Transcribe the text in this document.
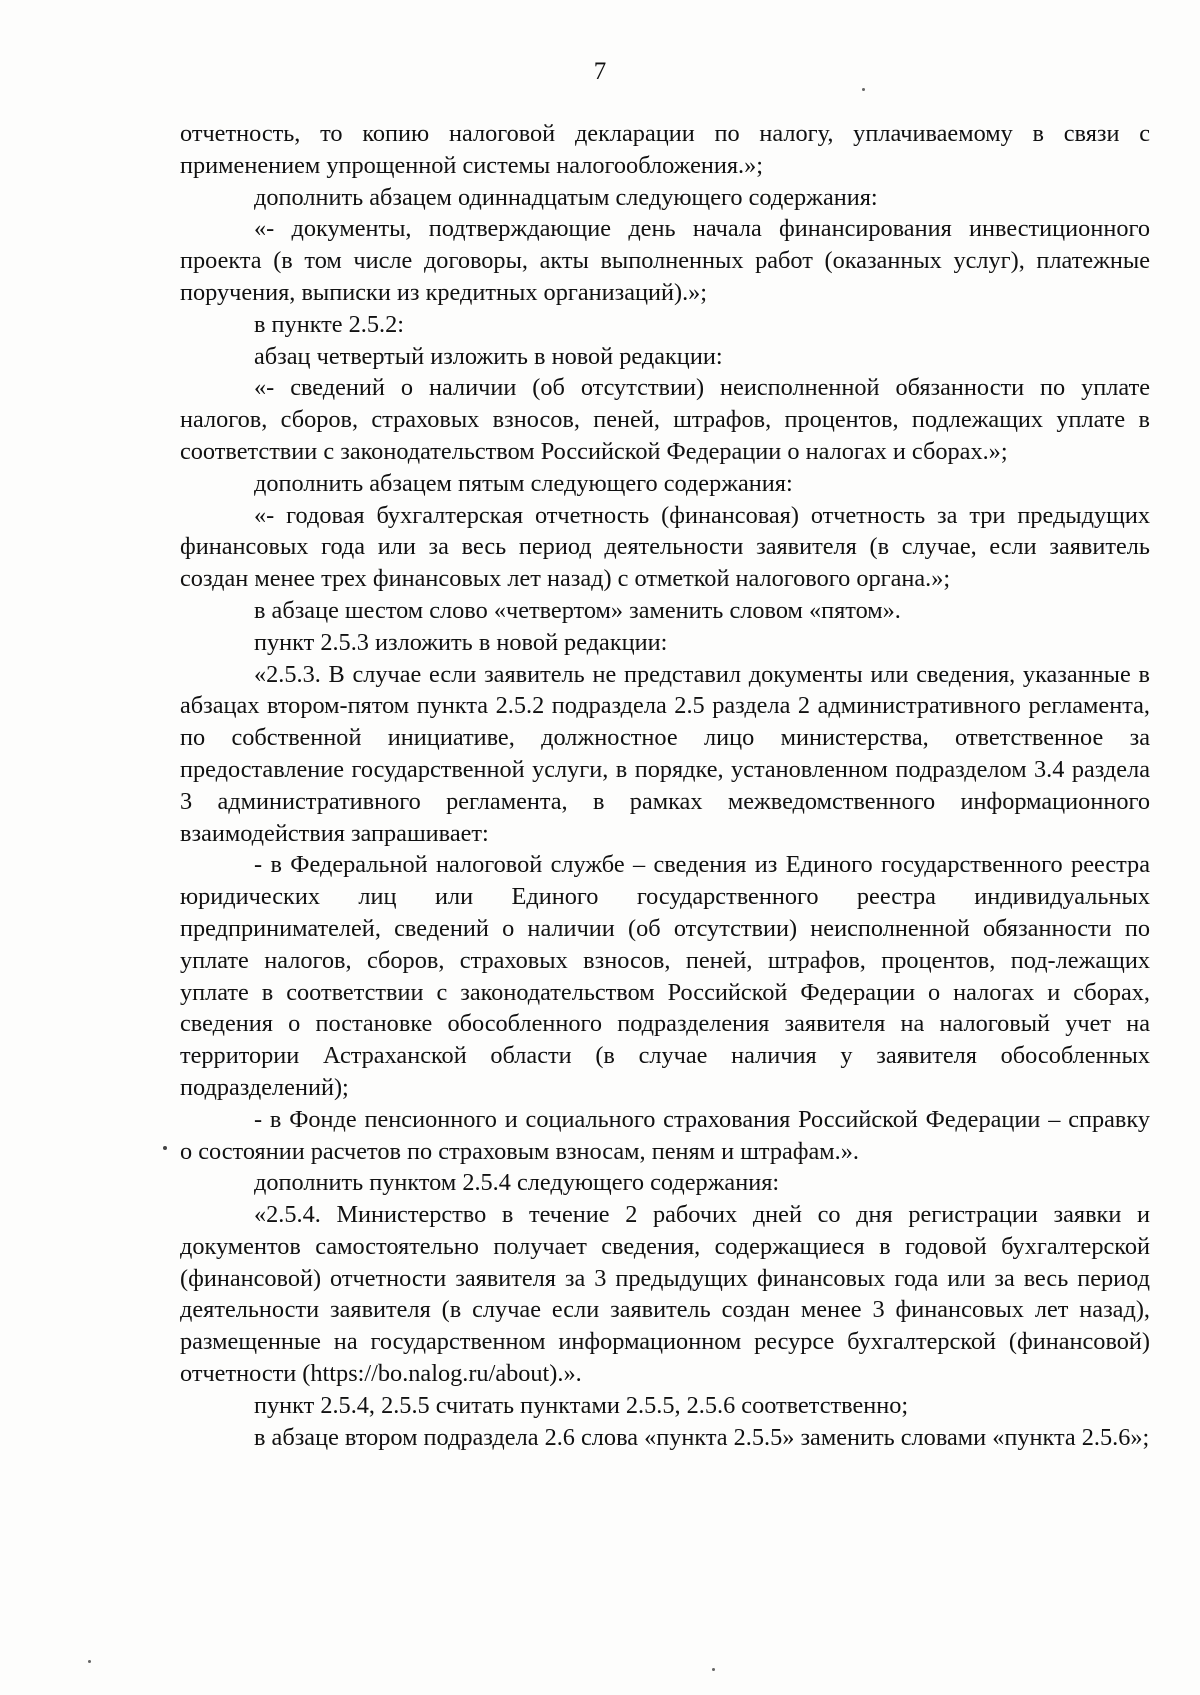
7

отчетность, то копию налоговой декларации по налогу, уплачиваемому в связи с применением упрощенной системы налогообложения.»;

дополнить абзацем одиннадцатым следующего содержания:

«- документы, подтверждающие день начала финансирования инвестиционного проекта (в том числе договоры, акты выполненных работ (оказанных услуг), платежные поручения, выписки из кредитных организаций).»;

в пункте 2.5.2:

абзац четвертый изложить в новой редакции:

«- сведений о наличии (об отсутствии) неисполненной обязанности по уплате налогов, сборов, страховых взносов, пеней, штрафов, процентов, подлежащих уплате в соответствии с законодательством Российской Федерации о налогах и сборах.»;

дополнить абзацем пятым следующего содержания:

«- годовая бухгалтерская отчетность (финансовая) отчетность за три предыдущих финансовых года или за весь период деятельности заявителя (в случае, если заявитель создан менее трех финансовых лет назад) с отметкой налогового органа.»;

в абзаце шестом слово «четвертом» заменить словом «пятом».

пункт 2.5.3 изложить в новой редакции:

«2.5.3. В случае если заявитель не представил документы или сведения, указанные в абзацах втором-пятом пункта 2.5.2 подраздела 2.5 раздела 2 административного регламента, по собственной инициативе, должностное лицо министерства, ответственное за предоставление государственной услуги, в порядке, установленном подразделом 3.4 раздела 3 административного регламента, в рамках межведомственного информационного взаимодействия запрашивает:

- в Федеральной налоговой службе – сведения из Единого государственного реестра юридических лиц или Единого государственного реестра индивидуальных предпринимателей, сведений о наличии (об отсутствии) неисполненной обязанности по уплате налогов, сборов, страховых взносов, пеней, штрафов, процентов, под-лежащих уплате в соответствии с законодательством Российской Федерации о налогах и сборах, сведения о постановке обособленного подразделения заявителя на налоговый учет на территории Астраханской области (в случае наличия у заявителя обособленных подразделений);

- в Фонде пенсионного и социального страхования Российской Федерации – справку о состоянии расчетов по страховым взносам, пеням и штрафам.».

дополнить пунктом 2.5.4 следующего содержания:

«2.5.4. Министерство в течение 2 рабочих дней со дня регистрации заявки и документов самостоятельно получает сведения, содержащиеся в годовой бухгалтерской (финансовой) отчетности заявителя за 3 предыдущих финансовых года или за весь период деятельности заявителя (в случае если заявитель создан менее 3 финансовых лет назад), размещенные на государственном информационном ресурсе бухгалтерской (финансовой) отчетности (https://bo.nalog.ru/about).».

пункт 2.5.4, 2.5.5 считать пунктами 2.5.5, 2.5.6 соответственно;

в абзаце втором подраздела 2.6 слова «пункта 2.5.5» заменить словами «пункта 2.5.6»;
